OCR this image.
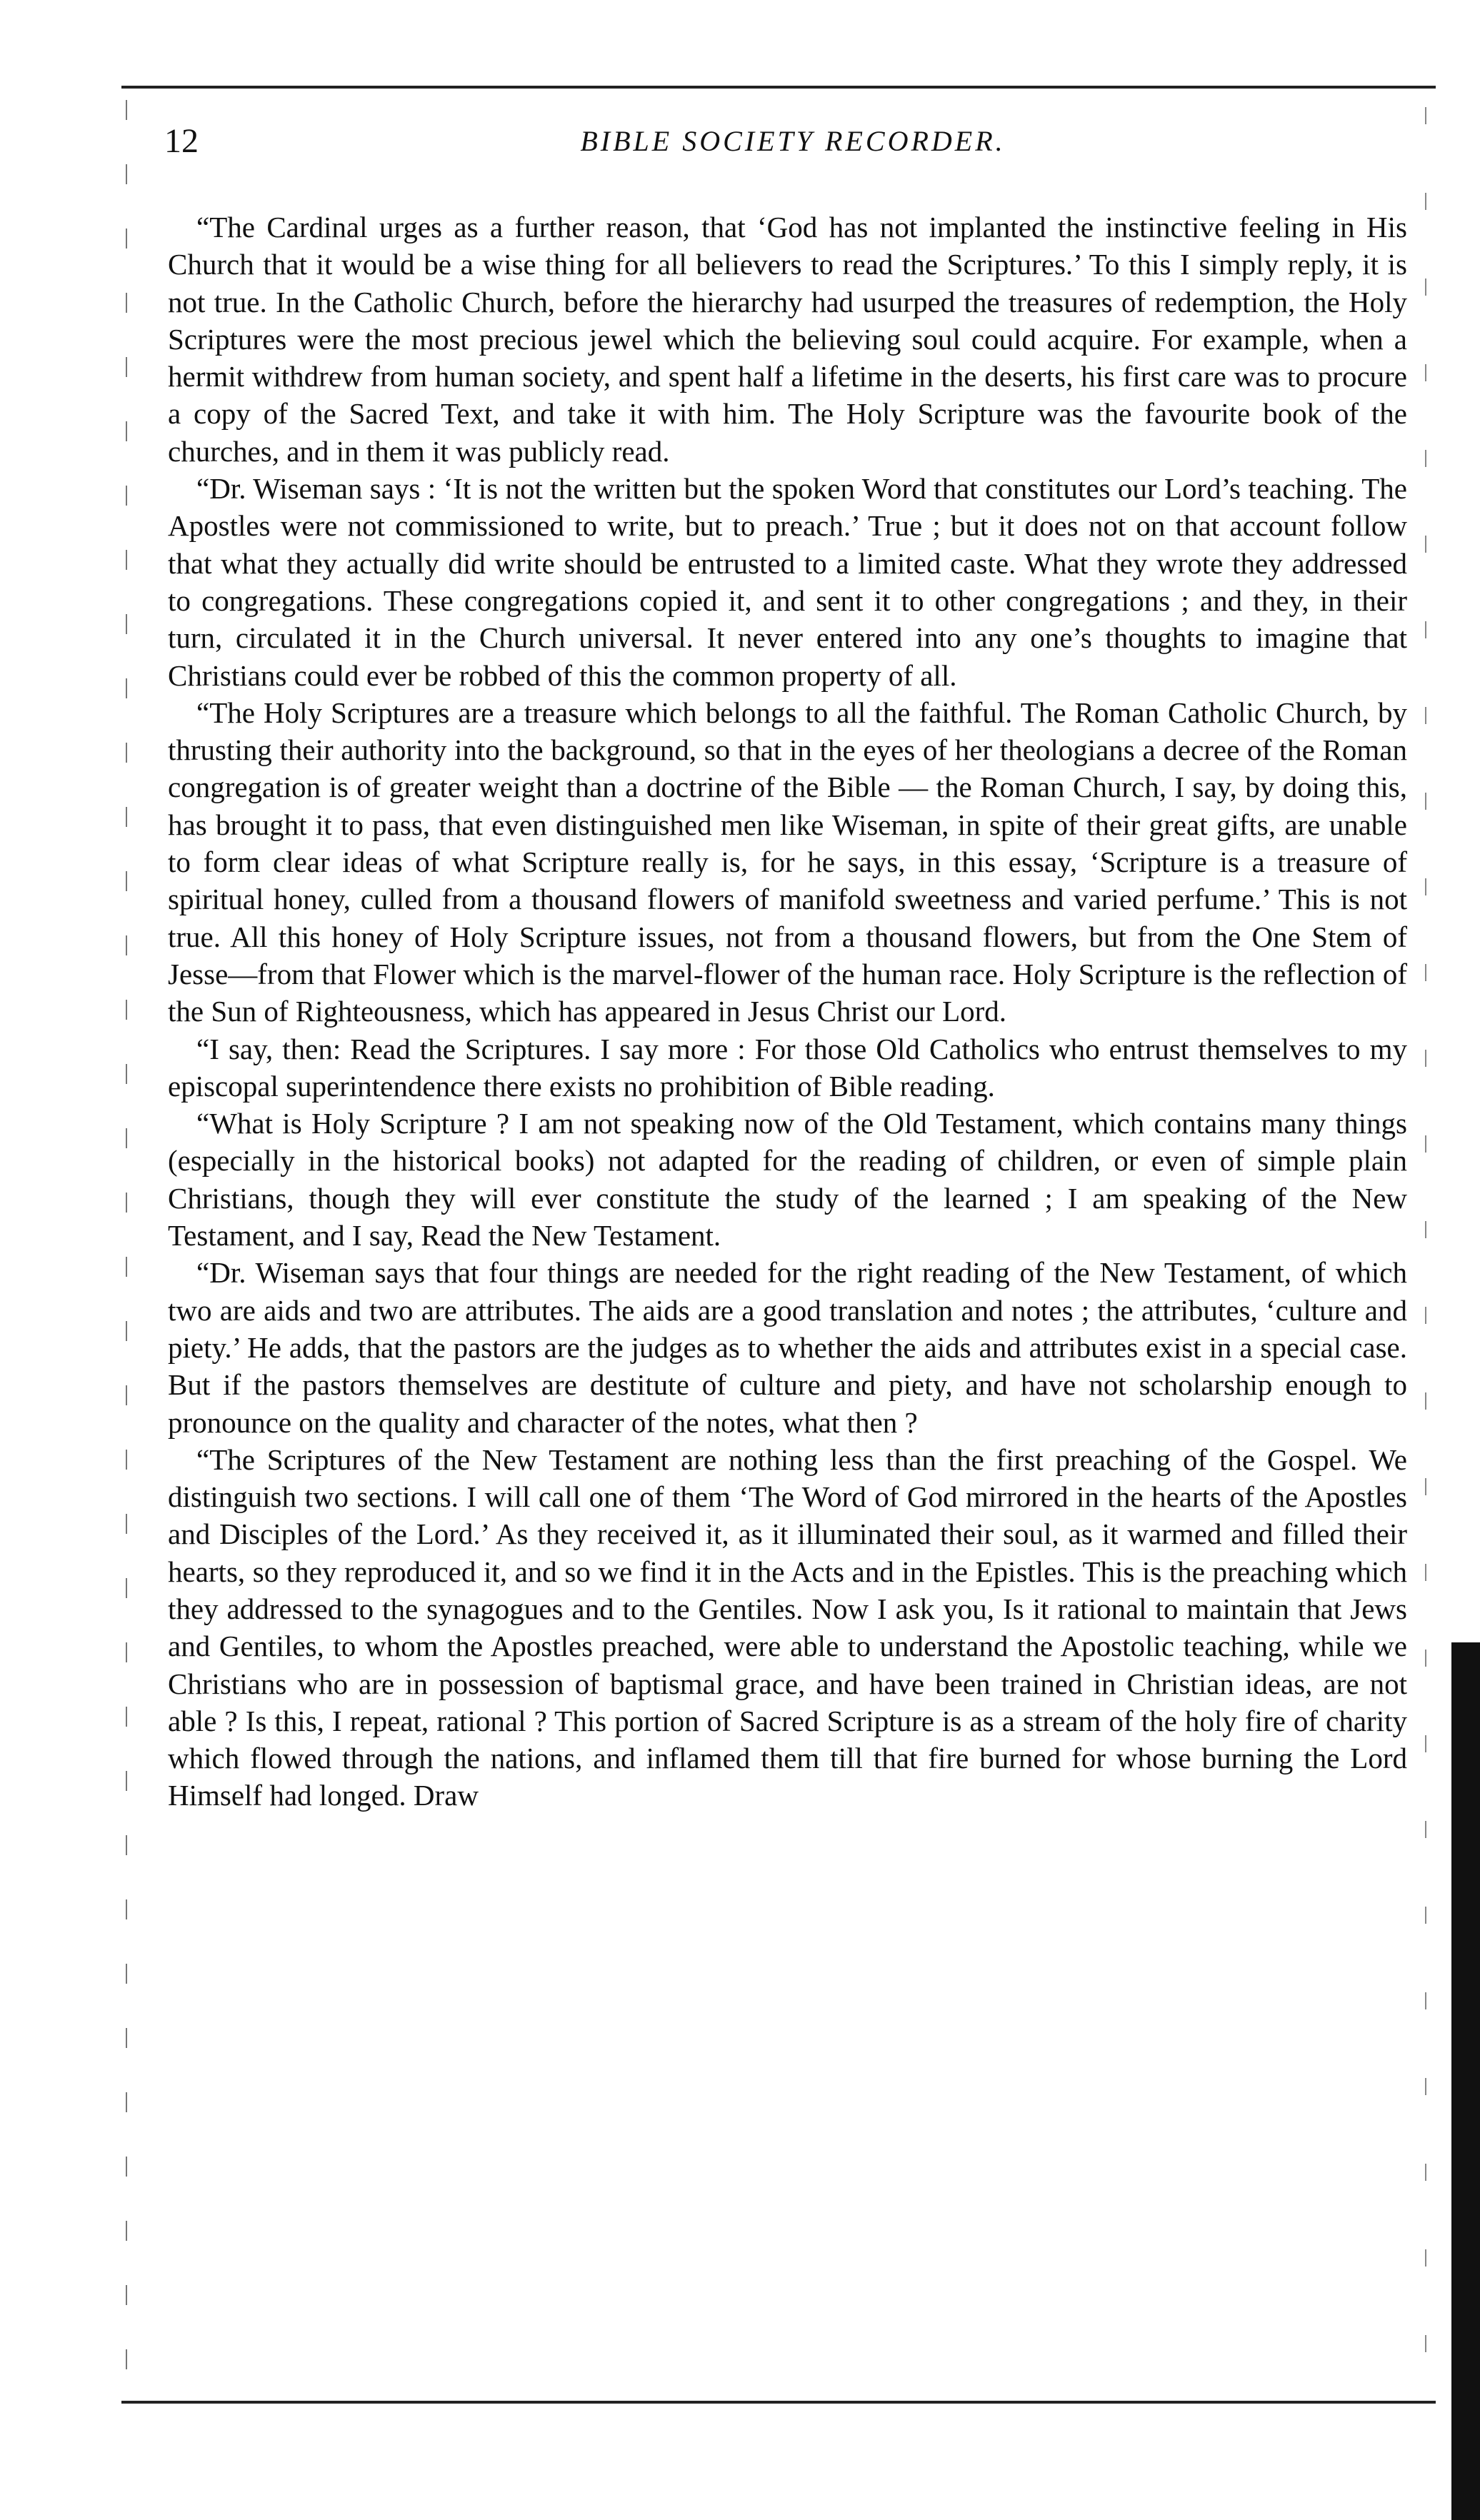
12	BIBLE SOCIETY RECORDER.

“The Cardinal urges as a further reason, that ‘God has not implanted the instinctive feeling in His Church that it would be a wise thing for all believers to read the Scriptures.’ To this I simply reply, it is not true. In the Catholic Church, before the hierarchy had usurped the treasures of redemption, the Holy Scriptures were the most precious jewel which the believing soul could acquire. For example, when a hermit withdrew from human society, and spent half a lifetime in the deserts, his first care was to procure a copy of the Sacred Text, and take it with him. The Holy Scripture was the favourite book of the churches, and in them it was publicly read.

“Dr. Wiseman says : ‘It is not the written but the spoken Word that constitutes our Lord’s teaching. The Apostles were not commissioned to write, but to preach.’ True ; but it does not on that account follow that what they actually did write should be entrusted to a limited caste. What they wrote they addressed to congregations. These congregations copied it, and sent it to other congregations ; and they, in their turn, circulated it in the Church universal. It never entered into any one’s thoughts to imagine that Christians could ever be robbed of this the common property of all.

“The Holy Scriptures are a treasure which belongs to all the faithful. The Roman Catholic Church, by thrusting their authority into the background, so that in the eyes of her theologians a decree of the Roman congregation is of greater weight than a doctrine of the Bible — the Roman Church, I say, by doing this, has brought it to pass, that even distinguished men like Wiseman, in spite of their great gifts, are unable to form clear ideas of what Scripture really is, for he says, in this essay, ‘Scripture is a treasure of spiritual honey, culled from a thousand flowers of manifold sweetness and varied perfume.’ This is not true. All this honey of Holy Scripture issues, not from a thousand flowers, but from the One Stem of Jesse—from that Flower which is the marvel-flower of the human race. Holy Scripture is the reflection of the Sun of Righteousness, which has appeared in Jesus Christ our Lord.

“I say, then: Read the Scriptures. I say more : For those Old Catholics who entrust themselves to my episcopal superintendence there exists no prohibition of Bible reading.

“What is Holy Scripture ? I am not speaking now of the Old Testament, which contains many things (especially in the historical books) not adapted for the reading of children, or even of simple plain Christians, though they will ever constitute the study of the learned ; I am speaking of the New Testament, and I say, Read the New Testament.

“Dr. Wiseman says that four things are needed for the right reading of the New Testament, of which two are aids and two are attributes. The aids are a good translation and notes ; the attributes, ‘culture and piety.’ He adds, that the pastors are the judges as to whether the aids and attributes exist in a special case. But if the pastors themselves are destitute of culture and piety, and have not scholarship enough to pronounce on the quality and character of the notes, what then ?

“The Scriptures of the New Testament are nothing less than the first preaching of the Gospel. We distinguish two sections. I will call one of them ‘The Word of God mirrored in the hearts of the Apostles and Disciples of the Lord.’ As they received it, as it illuminated their soul, as it warmed and filled their hearts, so they reproduced it, and so we find it in the Acts and in the Epistles. This is the preaching which they addressed to the synagogues and to the Gentiles. Now I ask you, Is it rational to maintain that Jews and Gentiles, to whom the Apostles preached, were able to understand the Apostolic teaching, while we Christians who are in possession of baptismal grace, and have been trained in Christian ideas, are not able ? Is this, I repeat, rational ? This portion of Sacred Scripture is as a stream of the holy fire of charity which flowed through the nations, and inflamed them till that fire burned for whose burning the Lord Himself had longed. Draw
